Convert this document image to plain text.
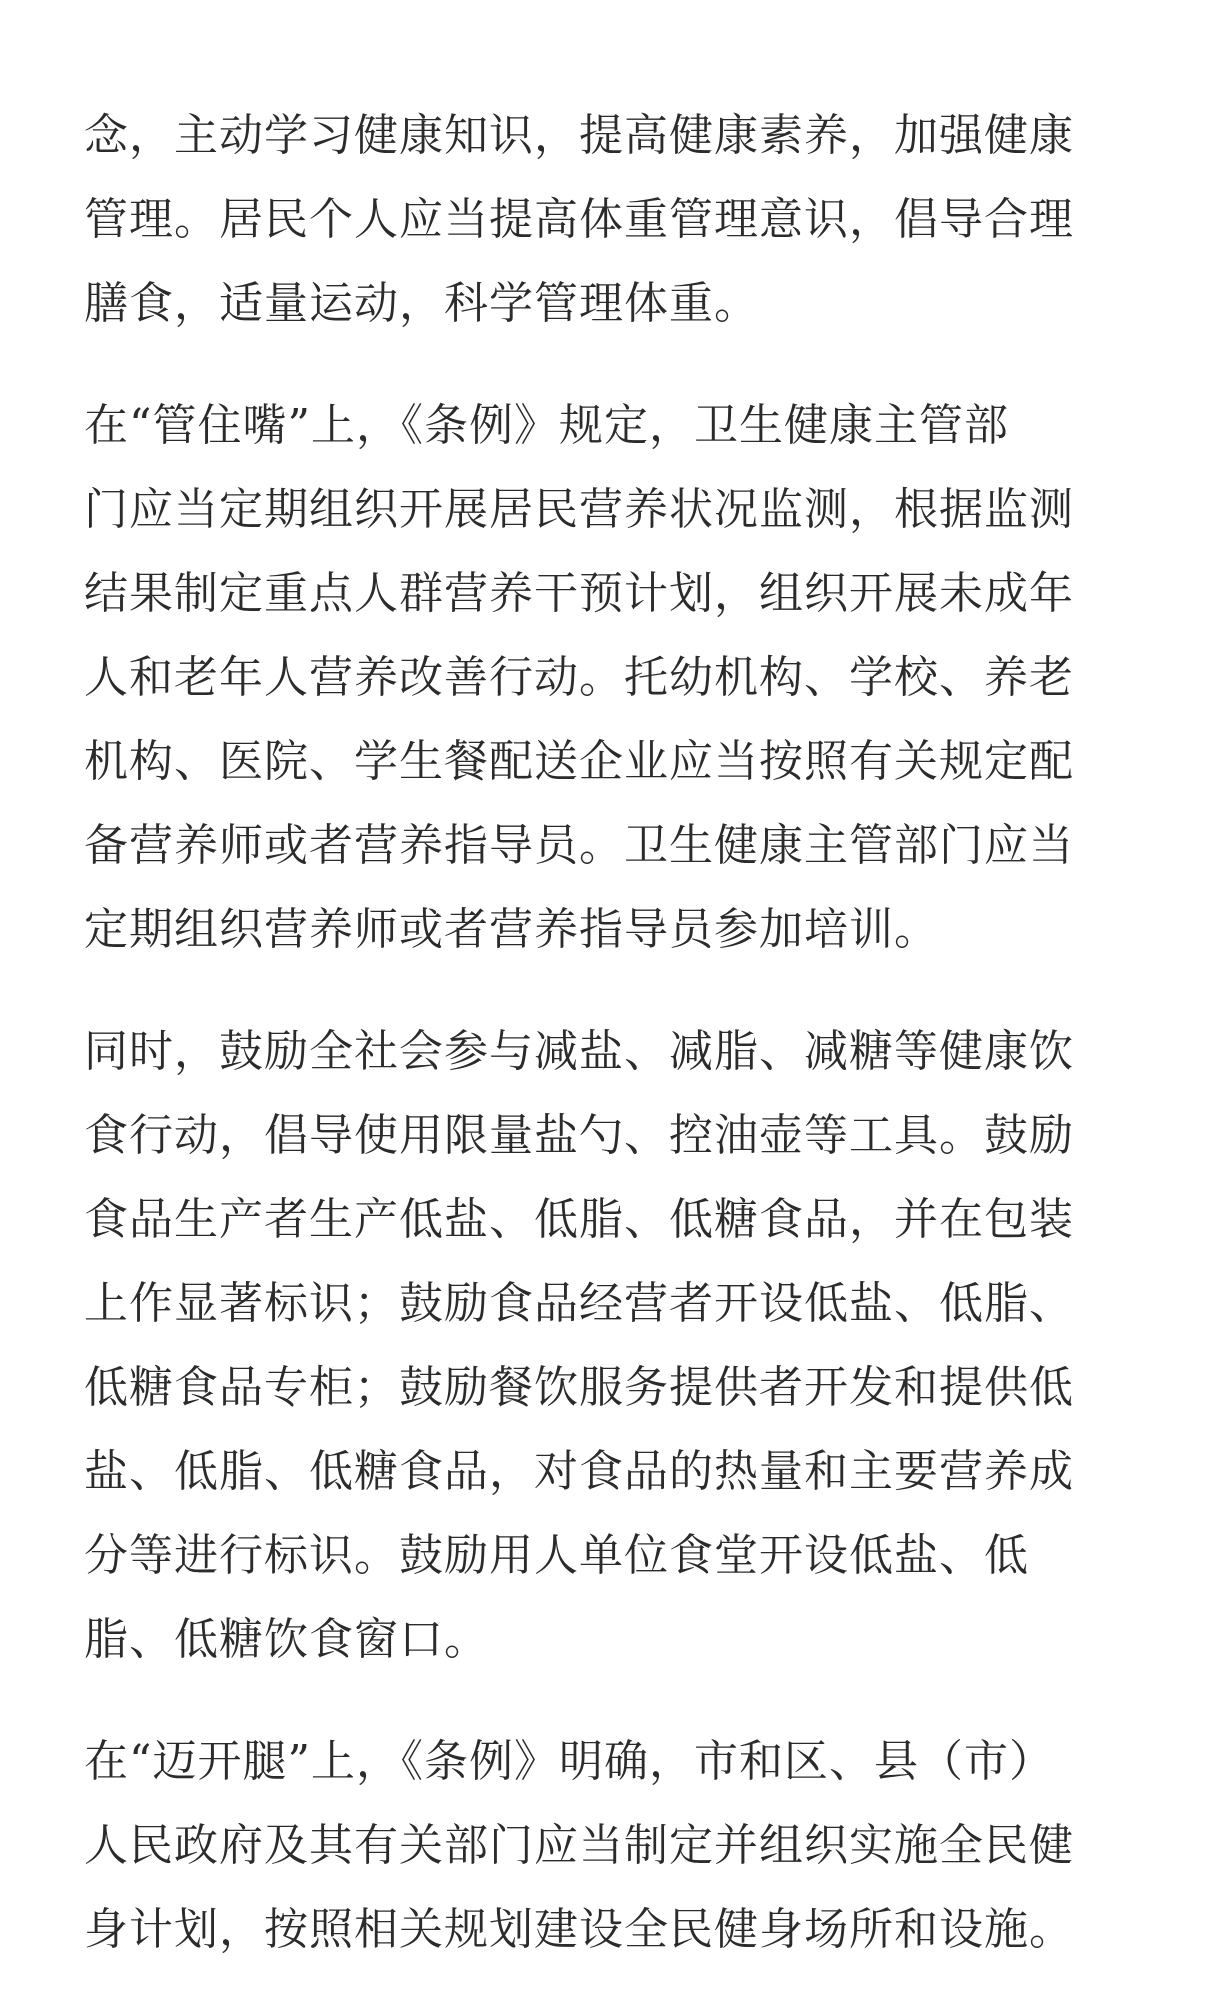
念，主动学习健康知识，提高健康素养，加强健康
管理。居民个人应当提高体重管理意识，倡导合理
膳食，适量运动，科学管理体重。

在“管住嘴”上，《条例》规定，卫生健康主管部
门应当定期组织开展居民营养状况监测，根据监测
结果制定重点人群营养干预计划，组织开展未成年
人和老年人营养改善行动。托幼机构、学校、养老
机构、医院、学生餐配送企业应当按照有关规定配
备营养师或者营养指导员。卫生健康主管部门应当
定期组织营养师或者营养指导员参加培训。

同时，鼓励全社会参与减盐、减脂、减糖等健康饮
食行动，倡导使用限量盐勺、控油壶等工具。鼓励
食品生产者生产低盐、低脂、低糖食品，并在包装
上作显著标识；鼓励食品经营者开设低盐、低脂、
低糖食品专柜；鼓励餐饮服务提供者开发和提供低
盐、低脂、低糖食品，对食品的热量和主要营养成
分等进行标识。鼓励用人单位食堂开设低盐、低
脂、低糖饮食窗口。

在“迈开腿”上，《条例》明确，市和区、县（市）
人民政府及其有关部门应当制定并组织实施全民健
身计划，按照相关规划建设全民健身场所和设施。
